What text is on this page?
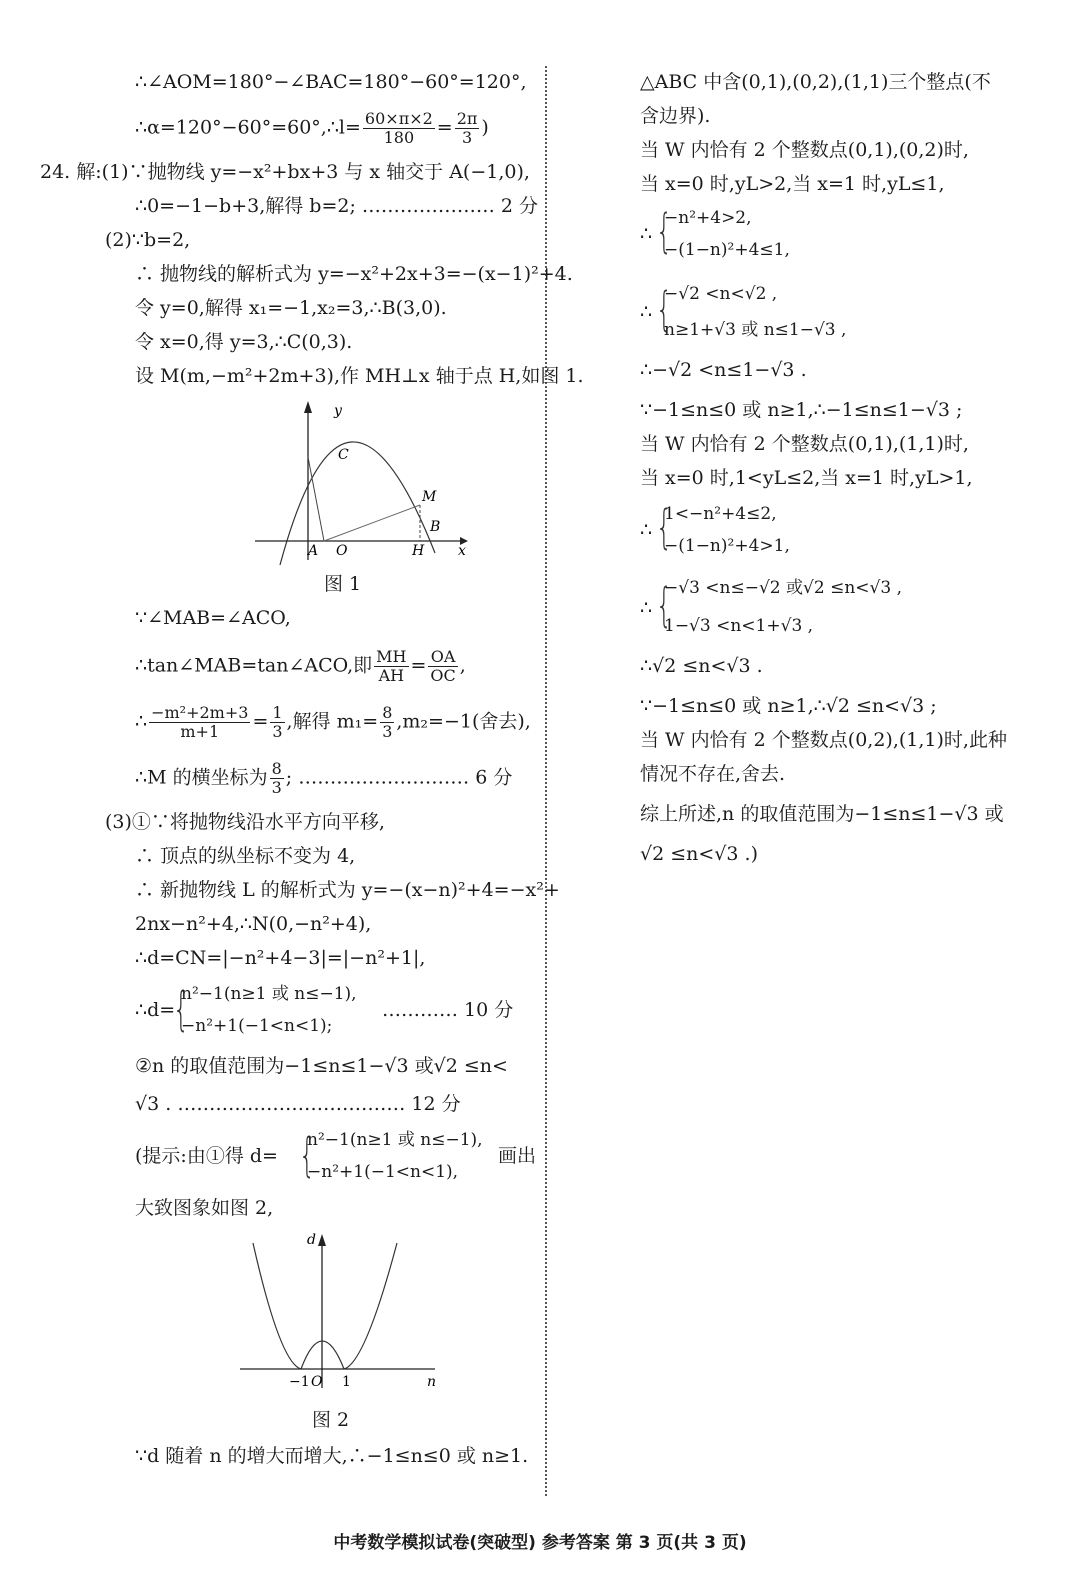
∴∠AOM=180°−∠BAC=180°−60°=120°,
∴α=120°−60°=60°,∴l= $\frac{60\times\pi\times 2}{180} = \frac{2\pi}{3}$ )
24. 解:(1)∵抛物线 y=−x²+bx+3 与 x 轴交于 A(−1,0),
∴0=−1−b+3,解得 b=2; ………………… 2 分
(2)∵b=2,
∴ 抛物线的解析式为 y=−x²+2x+3=−(x−1)²+4.
令 y=0,解得 x₁=−1,x₂=3,∴B(3,0).
令 x=0,得 y=3,∴C(0,3).
设 M(m,−m²+2m+3),作 MH⊥x 轴于点 H,如图 1.
y
x
A O
C
M
B
H
图 1
∵∠MAB=∠ACO,
∴tan∠MAB=tan∠ACO,即 $\frac{MH}{AH} = \frac{OA}{OC}$ ,
∴ $\frac{\text{−m²+2m+3}}{m+1} = \frac{1}{3}$ ,解得 $m_1= \frac{8}{3} ,m_2=-1$(舍去),
∴M 的横坐标为 $\frac{8}{3}$ ; ……………………… 6 分
(3)①∵将抛物线沿水平方向平移,
∴ 顶点的纵坐标不变为 4,
∴ 新抛物线 L 的解析式为 y=−(x−n)²+4=−x²+
2nx−n²+4,∴N(0,−n²+4),
∴d=CN=|−n²+4−3|=|−n²+1|,
∴d=
{
n²−1(n≥1 或 n≤−1),
−n²+1(−1<n<1);
………… 10 分
②n 的取值范围为−1≤n≤1−√3 或√2 ≤n<
√3 . ……………………………… 12 分
(提示:由①得 d= {
n²−1(n≥1 或 n≤−1),
−n²+1(−1<n<1),
画出
大致图象如图 2,
d
n
−1 O 1
图 2
∵d 随着 n 的增大而增大,∴−1≤n≤0 或 n≥1.
△ABC 中含(0,1),(0,2),(1,1)三个整点(不
含边界).
当 W 内恰有 2 个整数点(0,1),(0,2)时,
当 x=0 时,yL>2,当 x=1 时,yL≤1,
∴ {
−n²+4>2,
−(1−n)²+4≤1,
∴ {
−√2 <n<√2 ,
n≥1+√3 或 n≤1−√3 ,
∴−√2 <n≤1−√3 .
∵−1≤n≤0 或 n≥1,∴−1≤n≤1−√3 ;
当 W 内恰有 2 个整数点(0,1),(1,1)时,
当 x=0 时,1<yL≤2,当 x=1 时,yL>1,
∴ {
1<−n²+4≤2,
−(1−n)²+4>1,
∴ {
−√3 <n≤−√2 或√2 ≤n<√3 ,
1−√3 <n<1+√3 ,
∴√2 ≤n<√3 .
∵−1≤n≤0 或 n≥1,∴√2 ≤n<√3 ;
当 W 内恰有 2 个整数点(0,2),(1,1)时,此种
情况不存在,舍去.
综上所述,n 的取值范围为−1≤n≤1−√3 或
√2 ≤n<√3 .)
中考数学模拟试卷(突破型) 参考答案 第 3 页(共 3 页)
